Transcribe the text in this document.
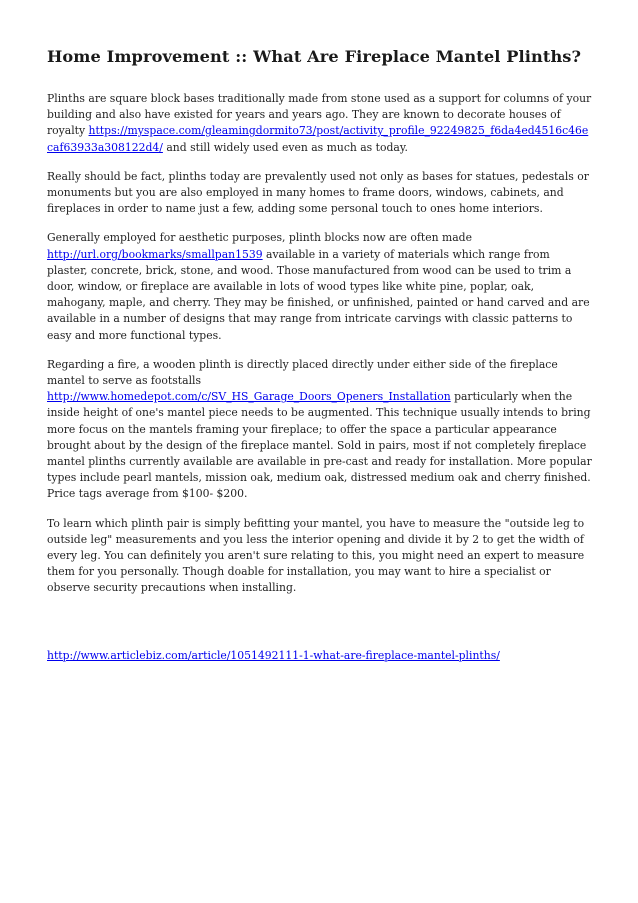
Home Improvement :: What Are Fireplace Mantel Plinths?

Plinths are square block bases traditionally made from stone used as a support for columns of your building and also have existed for years and years ago. They are known to decorate houses of royalty https://myspace.com/gleamingdormito73/post/activity_profile_92249825_f6da4ed4516c46ecaf63933a308122d4/ and still widely used even as much as today.

Really should be fact, plinths today are prevalently used not only as bases for statues, pedestals or monuments but you are also employed in many homes to frame doors, windows, cabinets, and fireplaces in order to name just a few, adding some personal touch to ones home interiors.

Generally employed for aesthetic purposes, plinth blocks now are often made http://url.org/bookmarks/smallpan1539 available in a variety of materials which range from plaster, concrete, brick, stone, and wood. Those manufactured from wood can be used to trim a door, window, or fireplace are available in lots of wood types like white pine, poplar, oak, mahogany, maple, and cherry. They may be finished, or unfinished, painted or hand carved and are available in a number of designs that may range from intricate carvings with classic patterns to easy and more functional types.

Regarding a fire, a wooden plinth is directly placed directly under either side of the fireplace mantel to serve as footstalls http://www.homedepot.com/c/SV_HS_Garage_Doors_Openers_Installation particularly when the inside height of one's mantel piece needs to be augmented. This technique usually intends to bring more focus on the mantels framing your fireplace; to offer the space a particular appearance brought about by the design of the fireplace mantel. Sold in pairs, most if not completely fireplace mantel plinths currently available are available in pre-cast and ready for installation. More popular types include pearl mantels, mission oak, medium oak, distressed medium oak and cherry finished. Price tags average from $100- $200.

To learn which plinth pair is simply befitting your mantel, you have to measure the "outside leg to outside leg" measurements and you less the interior opening and divide it by 2 to get the width of every leg. You can definitely you aren't sure relating to this, you might need an expert to measure them for you personally. Though doable for installation, you may want to hire a specialist or observe security precautions when installing.

http://www.articlebiz.com/article/1051492111-1-what-are-fireplace-mantel-plinths/
